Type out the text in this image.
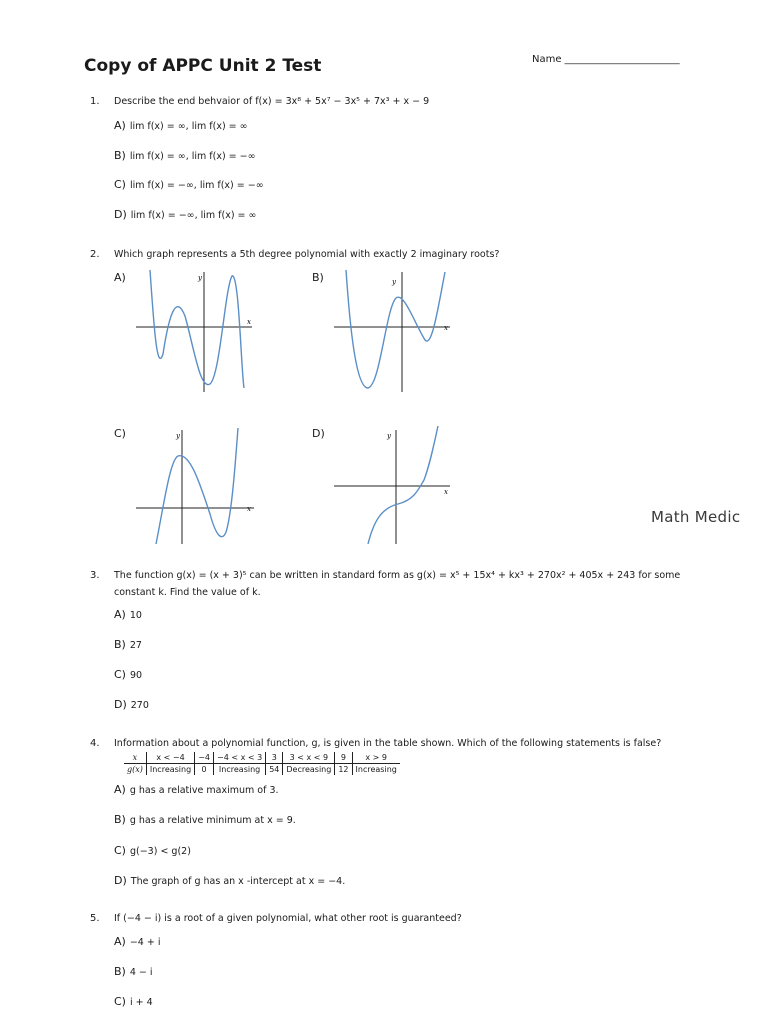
Copy of APPC Unit 2 Test	Name _______________________
1. Describe the end behvaior of f(x) = 3x⁸ + 5x⁷ − 3x⁵ + 7x³ + x − 9
A) lim f(x) = ∞, lim f(x) = ∞
B) lim f(x) = ∞, lim f(x) = −∞
C) lim f(x) = −∞, lim f(x) = −∞
D) lim f(x) = −∞, lim f(x) = ∞
2. Which graph represents a 5th degree polynomial with exactly 2 imaginary roots?
A)	B)
C)	D)
y
x
y
x
y
x
y
x
Math Medic
3. The function g(x) = (x + 3)⁵ can be written in standard form as g(x) = x⁵ + 15x⁴ + kx³ + 270x² + 405x + 243 for some
constant k. Find the value of k.
A) 10
B) 27
C) 90
D) 270
4. Information about a polynomial function, g, is given in the table shown. Which of the following statements is false?
x	x < −4	−4	−4 < x < 3	3	3 < x < 9	9	x > 9
g(x)	Increasing	0	Increasing	54	Decreasing	12	Increasing
A) g has a relative maximum of 3.
B) g has a relative minimum at x = 9.
C) g(−3) < g(2)
D) The graph of g has an x -intercept at x = −4.
5. If (−4 − i) is a root of a given polynomial, what other root is guaranteed?
A) −4 + i
B) 4 − i
C) i + 4
